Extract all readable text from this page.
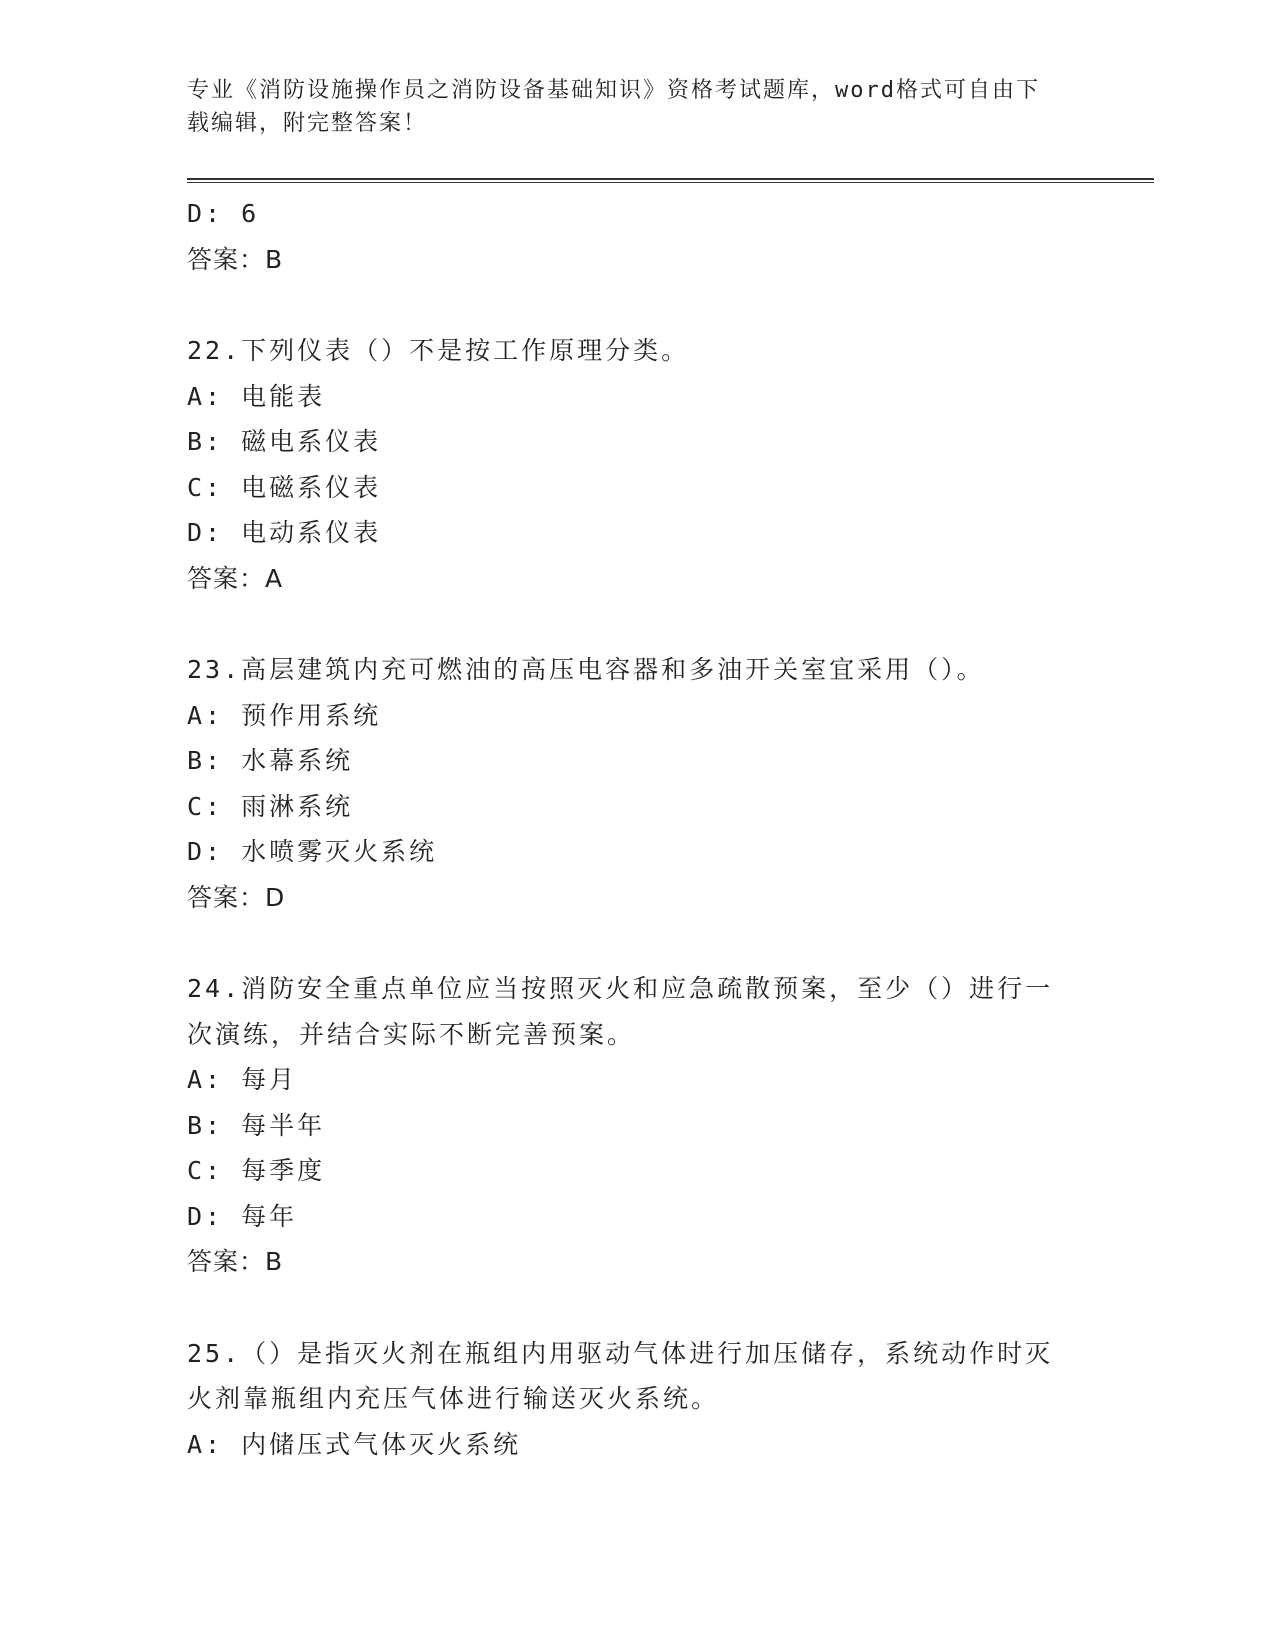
专业《消防设施操作员之消防设备基础知识》资格考试题库，word格式可自由下
载编辑，附完整答案！
D: 6
答案：B
22.下列仪表（）不是按工作原理分类。
A: 电能表
B: 磁电系仪表
C: 电磁系仪表
D: 电动系仪表
答案：A
23.高层建筑内充可燃油的高压电容器和多油开关室宜采用（）。
A: 预作用系统
B: 水幕系统
C: 雨淋系统
D: 水喷雾灭火系统
答案：D
24.消防安全重点单位应当按照灭火和应急疏散预案，至少（）进行一
次演练，并结合实际不断完善预案。
A: 每月
B: 每半年
C: 每季度
D: 每年
答案：B
25.（）是指灭火剂在瓶组内用驱动气体进行加压储存，系统动作时灭
火剂靠瓶组内充压气体进行输送灭火系统。
A: 内储压式气体灭火系统
